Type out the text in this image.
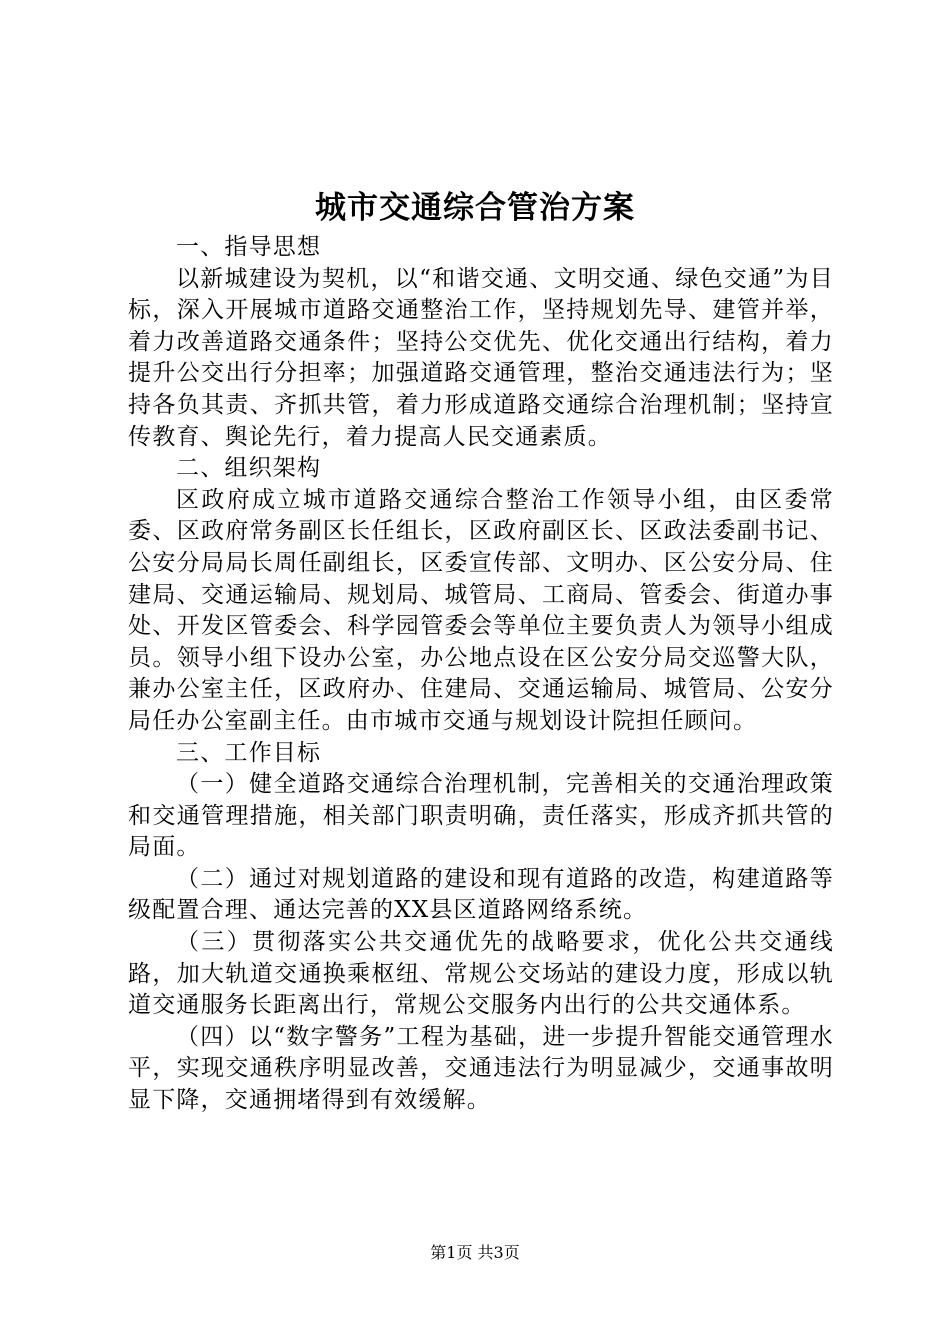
城市交通综合管治方案

一、指导思想

以新城建设为契机，以“和谐交通、文明交通、绿色交通”为目标，深入开展城市道路交通整治工作，坚持规划先导、建管并举，着力改善道路交通条件；坚持公交优先、优化交通出行结构，着力提升公交出行分担率；加强道路交通管理，整治交通违法行为；坚持各负其责、齐抓共管，着力形成道路交通综合治理机制；坚持宣传教育、舆论先行，着力提高人民交通素质。

二、组织架构

区政府成立城市道路交通综合整治工作领导小组，由区委常委、区政府常务副区长任组长，区政府副区长、区政法委副书记、公安分局局长周任副组长，区委宣传部、文明办、区公安分局、住建局、交通运输局、规划局、城管局、工商局、管委会、街道办事处、开发区管委会、科学园管委会等单位主要负责人为领导小组成员。领导小组下设办公室，办公地点设在区公安分局交巡警大队，兼办公室主任，区政府办、住建局、交通运输局、城管局、公安分局任办公室副主任。由市城市交通与规划设计院担任顾问。

三、工作目标

（一）健全道路交通综合治理机制，完善相关的交通治理政策和交通管理措施，相关部门职责明确，责任落实，形成齐抓共管的局面。

（二）通过对规划道路的建设和现有道路的改造，构建道路等级配置合理、通达完善的XX县区道路网络系统。

（三）贯彻落实公共交通优先的战略要求，优化公共交通线路，加大轨道交通换乘枢纽、常规公交场站的建设力度，形成以轨道交通服务长距离出行，常规公交服务内出行的公共交通体系。

（四）以“数字警务”工程为基础，进一步提升智能交通管理水平，实现交通秩序明显改善，交通违法行为明显减少，交通事故明显下降，交通拥堵得到有效缓解。

第1页 共3页
